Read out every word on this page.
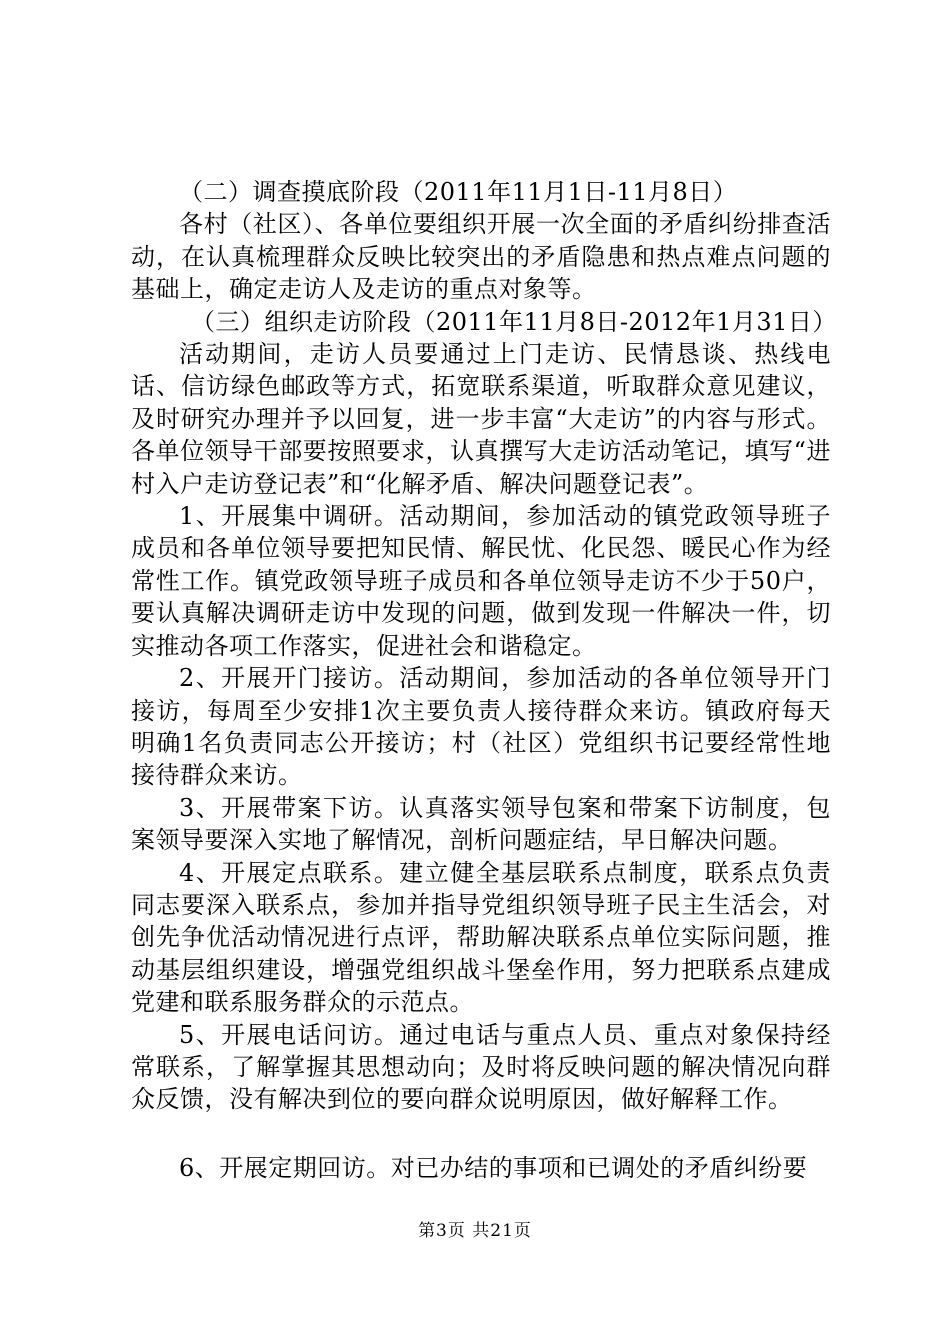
（二）调查摸底阶段（2011年11月1日-11月8日）

各村（社区）、各单位要组织开展一次全面的矛盾纠纷排查活动，在认真梳理群众反映比较突出的矛盾隐患和热点难点问题的基础上，确定走访人及走访的重点对象等。

（三）组织走访阶段（2011年11月8日-2012年1月31日）

活动期间，走访人员要通过上门走访、民情恳谈、热线电话、信访绿色邮政等方式，拓宽联系渠道，听取群众意见建议，及时研究办理并予以回复，进一步丰富“大走访”的内容与形式。各单位领导干部要按照要求，认真撰写大走访活动笔记，填写“进村入户走访登记表”和“化解矛盾、解决问题登记表”。

1、开展集中调研。活动期间，参加活动的镇党政领导班子成员和各单位领导要把知民情、解民忧、化民怨、暖民心作为经常性工作。镇党政领导班子成员和各单位领导走访不少于50户，要认真解决调研走访中发现的问题，做到发现一件解决一件，切实推动各项工作落实，促进社会和谐稳定。

2、开展开门接访。活动期间，参加活动的各单位领导开门接访，每周至少安排1次主要负责人接待群众来访。镇政府每天明确1名负责同志公开接访；村（社区）党组织书记要经常性地接待群众来访。

3、开展带案下访。认真落实领导包案和带案下访制度，包案领导要深入实地了解情况，剖析问题症结，早日解决问题。

4、开展定点联系。建立健全基层联系点制度，联系点负责同志要深入联系点，参加并指导党组织领导班子民主生活会，对创先争优活动情况进行点评，帮助解决联系点单位实际问题，推动基层组织建设，增强党组织战斗堡垒作用，努力把联系点建成党建和联系服务群众的示范点。

5、开展电话问访。通过电话与重点人员、重点对象保持经常联系，了解掌握其思想动向；及时将反映问题的解决情况向群众反馈，没有解决到位的要向群众说明原因，做好解释工作。

6、开展定期回访。对已办结的事项和已调处的矛盾纠纷要

第3页 共21页
